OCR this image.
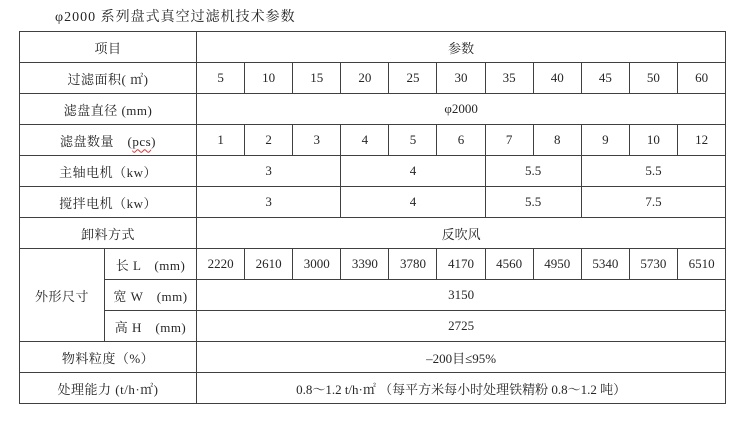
φ2000 系列盘式真空过滤机技术参数
项目		参数										
过滤面积( ㎡)		5	10	15	20	25	30	35	40	45	50	60
滤盘直径 (mm)		φ2000										
滤盘数量　(pcs)		1	2	3	4	5	6	7	8	9	10	12
主轴电机（kw）		3			4			5.5		5.5		
搅拌电机（kw）		3			4			5.5		7.5		
卸料方式		反吹风										
外形尺寸	长 L　(mm)	2220	2610	3000	3390	3780	4170	4560	4950	5340	5730	6510
	宽 W　(mm)	3150										
	高 H　(mm)	2725										
物料粒度（%）		–200目≤95%										
处理能力 (t/h·㎡)		0.8～1.2 t/h·㎡ （每平方米每小时处理铁精粉 0.8～1.2 吨）										
